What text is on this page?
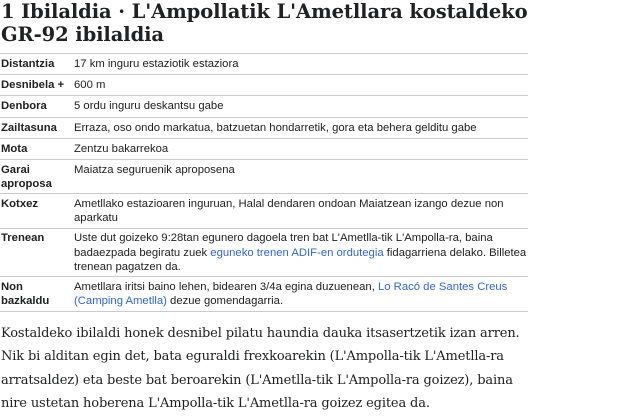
1 Ibilaldia · L'Ampollatik L'Ametllara kostaldeko GR-92 ibilaldia
Distantzia	17 km inguru estaziotik estaziora
Desnibela +	600 m
Denbora	5 ordu inguru deskantsu gabe
Zailtasuna	Erraza, oso ondo markatua, batzuetan hondarretik, gora eta behera gelditu gabe
Mota	Zentzu bakarrekoa
Garai aproposa	Maiatza seguruenik aproposena
Kotxez	Ametllako estazioaren inguruan, Halal dendaren ondoan Maiatzean izango dezue non aparkatu
Trenean	Uste dut goizeko 9:28tan egunero dagoela tren bat L'Ametlla-tik L'Ampolla-ra, baina badaezpada begiratu zuek eguneko trenen ADIF-en ordutegia fidagarriena delako. Billetea trenean pagatzen da.
Non bazkaldu	Ametllara iritsi baino lehen, bidearen 3/4a egina duzuenean, Lo Racó de Santes Creus (Camping Ametlla) dezue gomendagarria.

Kostaldeko ibilaldi honek desnibel pilatu haundia dauka itsasertzetik izan arren. Nik bi alditan egin det, bata eguraldi frexkoarekin (L'Ampolla-tik L'Ametlla-ra arratsaldez) eta beste bat beroarekin (L'Ametlla-tik L'Ampolla-ra goizez), baina nire ustetan hoberena L'Ampolla-tik L'Ametlla-ra goizez egitea da.
